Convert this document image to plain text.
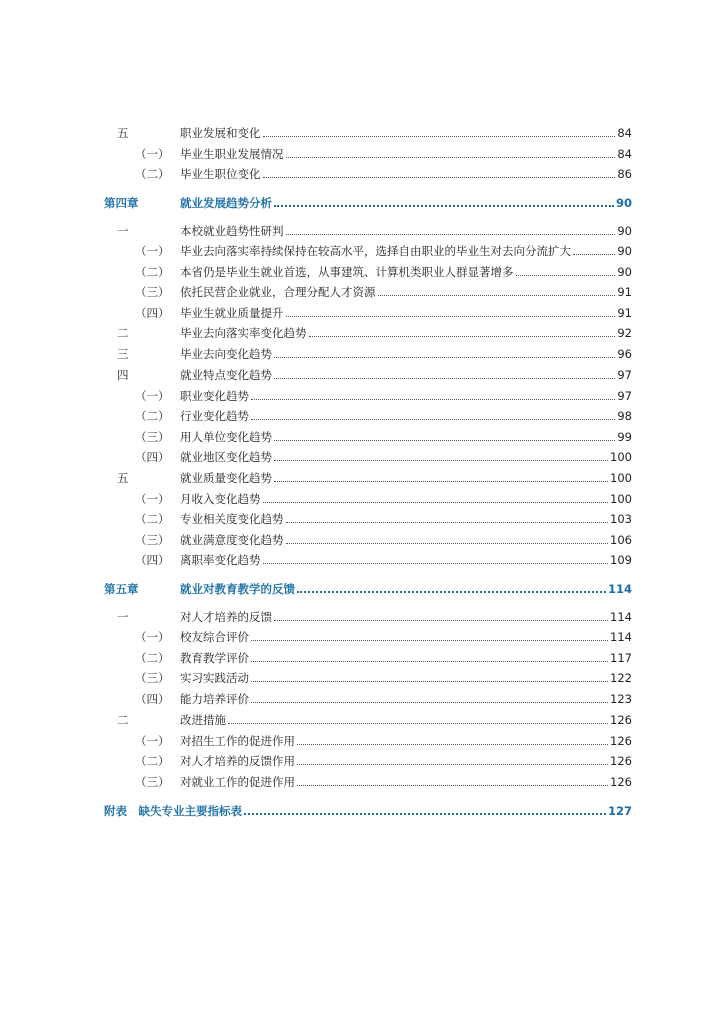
五	职业发展和变化	84
（一） 毕业生职业发展情况	84
（二） 毕业生职位变化	86
第四章	就业发展趋势分析	90
一	本校就业趋势性研判	90
（一） 毕业去向落实率持续保持在较高水平，选择自由职业的毕业生对去向分流扩大	90
（二） 本省仍是毕业生就业首选，从事建筑、计算机类职业人群显著增多	90
（三） 依托民营企业就业，合理分配人才资源	91
（四） 毕业生就业质量提升	91
二	毕业去向落实率变化趋势	92
三	毕业去向变化趋势	96
四	就业特点变化趋势	97
（一） 职业变化趋势	97
（二） 行业变化趋势	98
（三） 用人单位变化趋势	99
（四） 就业地区变化趋势	100
五	就业质量变化趋势	100
（一） 月收入变化趋势	100
（二） 专业相关度变化趋势	103
（三） 就业满意度变化趋势	106
（四） 离职率变化趋势	109
第五章	就业对教育教学的反馈	114
一	对人才培养的反馈	114
（一） 校友综合评价	114
（二） 教育教学评价	117
（三） 实习实践活动	122
（四） 能力培养评价	123
二	改进措施	126
（一） 对招生工作的促进作用	126
（二） 对人才培养的反馈作用	126
（三） 对就业工作的促进作用	126
附表　缺失专业主要指标表	127
